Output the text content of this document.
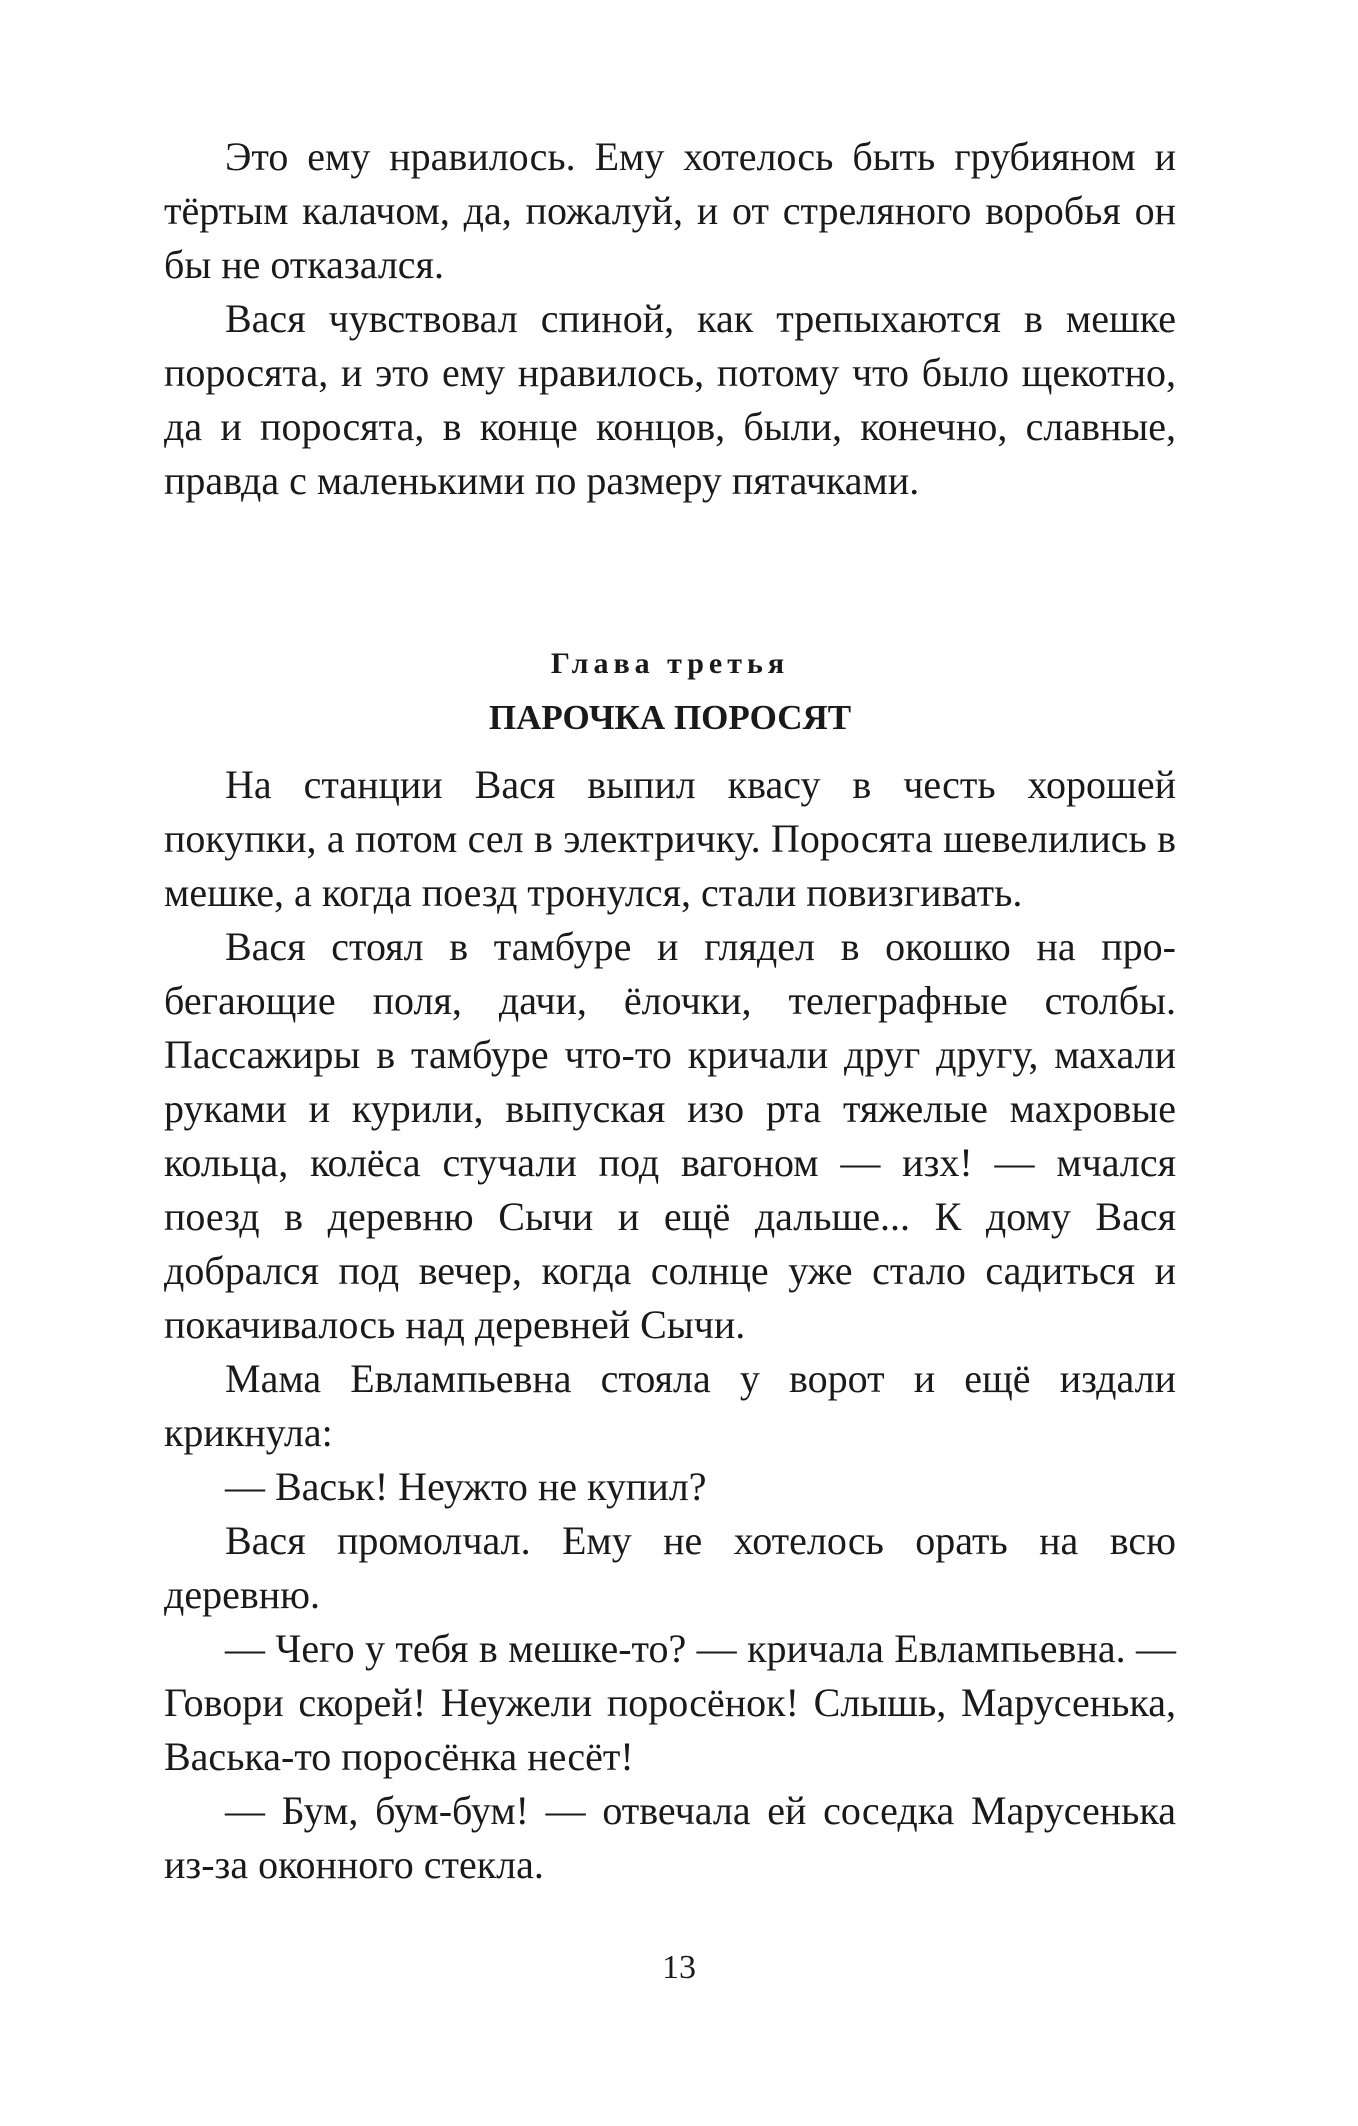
Это ему нравилось. Ему хотелось быть грубияном и тёртым калачом, да, пожалуй, и от стреляного воробья он бы не отказался.

Вася чувствовал спиной, как трепыхаются в мешке поросята, и это ему нравилось, потому что было щекотно, да и поросята, в конце концов, были, конечно, славные, правда с маленькими по размеру пятачками.

Глава третья
ПАРОЧКА ПОРОСЯТ

На станции Вася выпил квасу в честь хорошей покупки, а потом сел в электричку. Поросята шевелились в мешке, а когда поезд тронулся, стали повизгивать.

Вася стоял в тамбуре и глядел в окошко на пробегающие поля, дачи, ёлочки, телеграфные столбы. Пассажиры в тамбуре что-то кричали друг другу, махали руками и курили, выпуская изо рта тяжелые махровые кольца, колёса стучали под вагоном — изх! — мчался поезд в деревню Сычи и ещё дальше... К дому Вася добрался под вечер, когда солнце уже стало садиться и покачивалось над деревней Сычи.

Мама Евлампьевна стояла у ворот и ещё издали крикнула:

— Васьк! Неужто не купил?

Вася промолчал. Ему не хотелось орать на всю деревню.

— Чего у тебя в мешке-то? — кричала Евлампьевна. — Говори скорей! Неужели поросёнок! Слышь, Марусенька, Васька-то поросёнка несёт!

— Бум, бум-бум! — отвечала ей соседка Марусенька из-за оконного стекла.

13
